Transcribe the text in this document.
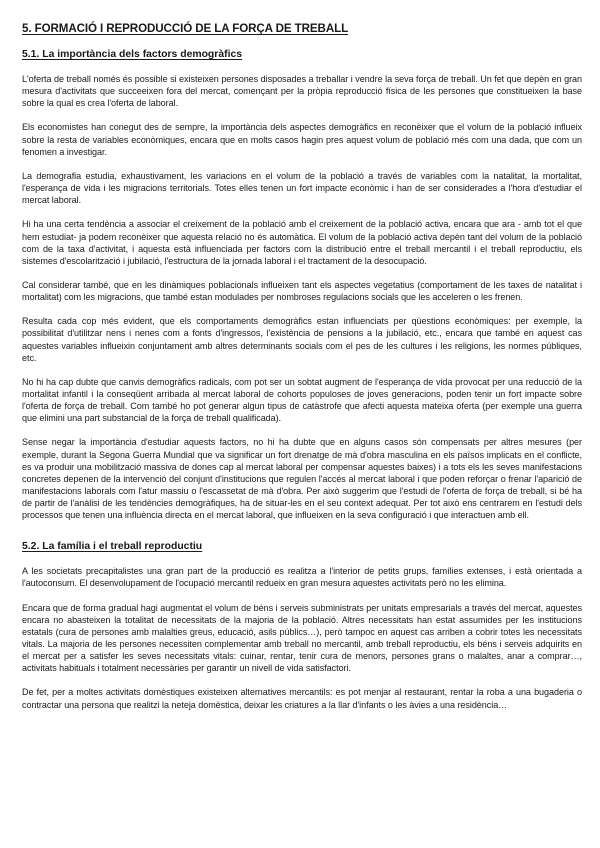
5. FORMACIÓ I REPRODUCCIÓ DE LA FORÇA DE TREBALL
5.1. La importància dels factors demogràfics

L'oferta de treball només és possible si existeixen persones disposades a treballar i vendre la seva força de treball. Un fet que depèn en gran mesura d'activitats que succeeixen fora del mercat, començant per la pròpia reproducció física de les persones que constitueixen la base sobre la qual es crea l'oferta de laboral.

Els economistes han conegut des de sempre, la importància dels aspectes demogràfics en reconèixer que el volum de la població influeix sobre la resta de variables econòmiques, encara que en molts casos hagin pres aquest volum de població més com una dada, que com un fenomen a investigar.

La demografia estudia, exhaustivament, les variacions en el volum de la població a través de variables com la natalitat, la mortalitat, l'esperança de vida i les migracions territorials. Totes elles tenen un fort impacte econòmic i han de ser considerades a l'hora d'estudiar el mercat laboral.

Hi ha una certa tendència a associar el creixement de la població amb el creixement de la població activa, encara que ara - amb tot el que hem estudiat- ja podem reconèixer que aquesta relació no és automàtica. El volum de la població activa depèn tant del volum de la població com de la taxa d'activitat, i aquesta està influenciada per factors com la distribució entre el treball mercantil i el treball reproductiu, els sistemes d'escolarització i jubilació, l'estructura de la jornada laboral i el tractament de la desocupació.

Cal considerar també, que en les dinàmiques poblacionals influeixen tant els aspectes vegetatius (comportament de les taxes de natalitat i mortalitat) com les migracions, que també estan modulades per nombroses regulacions socials que les acceleren o les frenen.

Resulta cada cop més evident, que els comportaments demogràfics estan influenciats per qüestions econòmiques: per exemple, la possibilitat d'utilitzar nens i nenes com a fonts d'ingressos, l'existència de pensions a la jubilació, etc., encara que també en aquest cas aquestes variables influeixin conjuntament amb altres determinants socials com el pes de les cultures i les religions, les normes públiques, etc.

No hi ha cap dubte que canvis demogràfics radicals, com pot ser un sobtat augment de l'esperança de vida provocat per una reducció de la mortalitat infantil i la conseqüent arribada al mercat laboral de cohorts populoses de joves generacions, poden tenir un fort impacte sobre l'oferta de força de treball. Com també ho pot generar algun tipus de catàstrofe que afecti aquesta mateixa oferta (per exemple una guerra que elimini una part substancial de la força de treball qualificada).

Sense negar la importància d'estudiar aquests factors, no hi ha dubte que en alguns casos són compensats per altres mesures (per exemple, durant la Segona Guerra Mundial que va significar un fort drenatge de mà d'obra masculina en els països implicats en el conflicte, es va produir una mobilització massiva de dones cap al mercat laboral per compensar aquestes baixes) i a tots els les seves manifestacions concretes depenen de la intervenció del conjunt d'institucions que regulen l'accés al mercat laboral i que poden reforçar o frenar l'aparició de manifestacions laborals com l'atur massiu o l'escassetat de mà d'obra. Per això suggerim que l'estudi de l'oferta de força de treball, si bé ha de partir de l'anàlisi de les tendències demogràfiques, ha de situar-les en el seu context adequat. Per tot això ens centrarem en l'estudi dels processos que tenen una influència directa en el mercat laboral, que influeixen en la seva configuració i que interactuen amb ell.

5.2. La família i el treball reproductiu

A les societats precapitalistes una gran part de la producció es realitza a l'interior de petits grups, famílies extenses, i està orientada a l'autoconsum. El desenvolupament de l'ocupació mercantil redueix en gran mesura aquestes activitats però no les elimina.

Encara que de forma gradual hagi augmentat el volum de béns i serveis subministrats per unitats empresarials a través del mercat, aquestes encara no abasteixen la totalitat de necessitats de la majoria de la població. Altres necessitats han estat assumides per les institucions estatals (cura de persones amb malalties greus, educació, asils públics…), però tampoc en aquest cas arriben a cobrir totes les necessitats vitals. La majoria de les persones necessiten complementar amb treball no mercantil, amb treball reproductiu, els béns i serveis adquirits en el mercat per a satisfer les seves necessitats vitals: cuinar, rentar, tenir cura de menors, persones grans o malaltes, anar a comprar…, activitats habituals i totalment necessàries per garantir un nivell de vida satisfactori.

De fet, per a moltes activitats domèstiques existeixen alternatives mercantils: es pot menjar al restaurant, rentar la roba a una bugaderia o contractar una persona que realitzi la neteja domèstica, deixar les criatures a la llar d'infants o les àvies a una residència…
